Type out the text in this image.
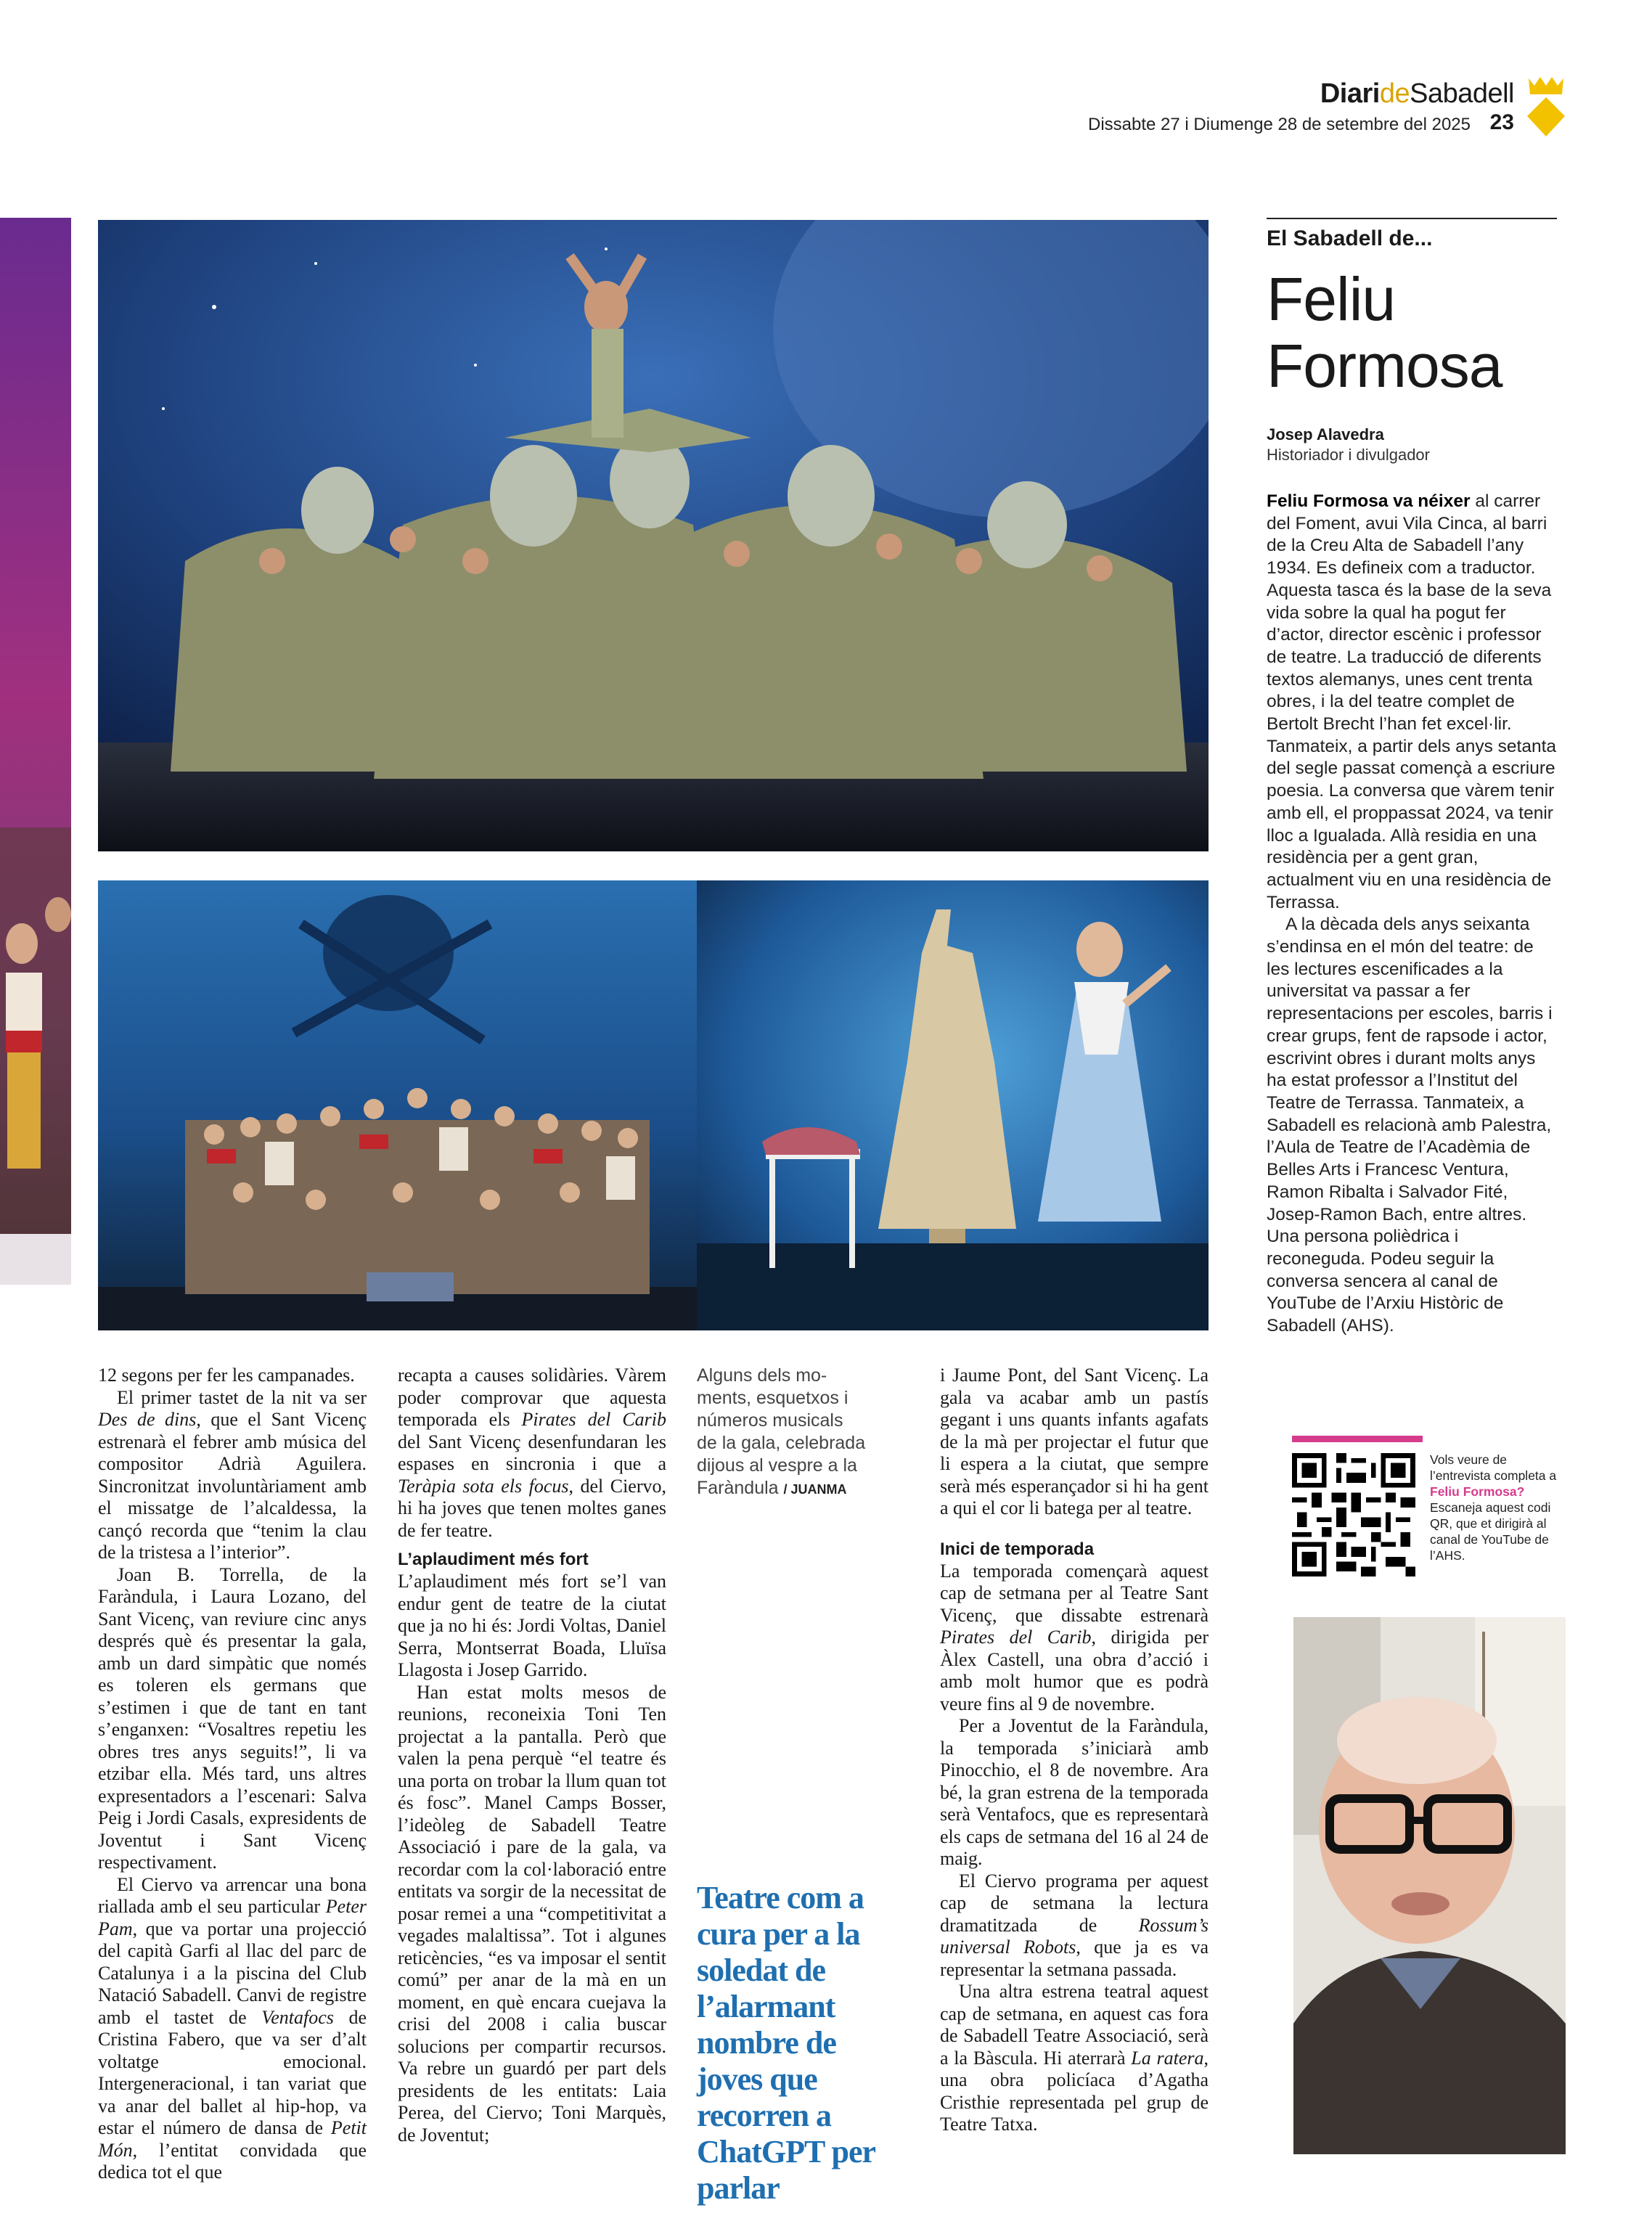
DiarideSabadell
Dissabte 27 i Diumenge 28 de setembre del 2025 23

12 segons per fer les campanades.

El primer tastet de la nit va ser Des de dins, que el Sant Vicenç estrenarà el febrer amb música del compositor Adrià Aguilera. Sincronitzat involuntàriament amb el missatge de l’alcaldessa, la cançó recorda que “tenim la clau de la tristesa a l’interior”.

Joan B. Torrella, de la Faràndula, i Laura Lozano, del Sant Vicenç, van reviure cinc anys després què és presentar la gala, amb un dard simpàtic que només es toleren els germans que s’estimen i que de tant en tant s’enganxen: “Vosaltres repetiu les obres tres anys seguits!”, li va etzibar ella. Més tard, uns altres expresentadors a l’escenari: Salva Peig i Jordi Casals, expresidents de Joventut i Sant Vicenç respectivament.

El Ciervo va arrencar una bona riallada amb el seu particular Peter Pam, que va portar una projecció del capità Garfi al llac del parc de Catalunya i a la piscina del Club Natació Sabadell. Canvi de registre amb el tastet de Ventafocs de Cristina Fabero, que va ser d’alt voltatge emocional. Intergeneracional, i tan variat que va anar del ballet al hip-hop, va estar el número de dansa de Petit Món, l’entitat convidada que dedica tot el que

recapta a causes solidàries. Vàrem poder comprovar que aquesta temporada els Pirates del Carib del Sant Vicenç desenfundaran les espases en sincronia i que a Teràpia sota els focus, del Ciervo, hi ha joves que tenen moltes ganes de fer teatre.

L’aplaudiment més fort

L’aplaudiment més fort se’l van endur gent de teatre de la ciutat que ja no hi és: Jordi Voltas, Daniel Serra, Montserrat Boada, Lluïsa Llagosta i Josep Garrido.

Han estat molts mesos de reunions, reconeixia Toni Ten projectat a la pantalla. Però que valen la pena perquè “el teatre és una porta on trobar la llum quan tot és fosc”. Manel Camps Bosser, l’ideòleg de Sabadell Teatre Associació i pare de la gala, va recordar com la col·laboració entre entitats va sorgir de la necessitat de posar remei a una “competitivitat a vegades malaltissa”. Tot i algunes reticències, “es va imposar el sentit comú” per anar de la mà en un moment, en què encara cuejava la crisi del 2008 i calia buscar solucions per compartir recursos. Va rebre un guardó per part dels presidents de les entitats: Laia Perea, del Ciervo; Toni Marquès, de Joventut;

Alguns dels mo-
ments, esquetxos i
números musicals
de la gala, celebrada
dijous al vespre a la
Faràndula / JUANMA
Teatre com a cura per a la soledat de l’alarmant nombre de joves que recorren a ChatGPT per parlar

i Jaume Pont, del Sant Vicenç. La gala va acabar amb un pastís gegant i uns quants infants agafats de la mà per projectar el futur que li espera a la ciutat, que sempre serà més esperançador si hi ha gent a qui el cor li batega per al teatre.

Inici de temporada

La temporada començarà aquest cap de setmana per al Teatre Sant Vicenç, que dissabte estrenarà Pirates del Carib, dirigida per Àlex Castell, una obra d’acció i amb molt humor que es podrà veure fins al 9 de novembre.

Per a Joventut de la Faràndula, la temporada s’iniciarà amb Pinocchio, el 8 de novembre. Ara bé, la gran estrena de la temporada serà Ventafocs, que es representarà els caps de setmana del 16 al 24 de maig.

El Ciervo programa per aquest cap de setmana la lectura dramatitzada de Rossum’s universal Robots, que ja es va representar la setmana passada.

Una altra estrena teatral aquest cap de setmana, en aquest cas fora de Sabadell Teatre Associació, serà a la Bàscula. Hi aterrarà La ratera, una obra policíaca d’Agatha Cristhie representada pel grup de Teatre Tatxa.

El Sabadell de...
Feliu
Formosa
Josep Alavedra
Historiador i divulgador

Feliu Formosa va néixer al carrer del Foment, avui Vila Cinca, al barri de la Creu Alta de Sabadell l’any 1934. Es defineix com a traductor. Aquesta tasca és la base de la seva vida sobre la qual ha pogut fer d’actor, director escènic i professor de teatre. La traducció de diferents textos alemanys, unes cent trenta obres, i la del teatre complet de Bertolt Brecht l’han fet excel·lir. Tanmateix, a partir dels anys setanta del segle passat començà a escriure poesia. La conversa que vàrem tenir amb ell, el proppassat 2024, va tenir lloc a Igualada. Allà residia en una residència per a gent gran, actualment viu en una residència de Terrassa.

A la dècada dels anys seixanta s’endinsa en el món del teatre: de les lectures escenificades a la universitat va passar a fer representacions per escoles, barris i crear grups, fent de rapsode i actor, escrivint obres i durant molts anys ha estat professor a l’Institut del Teatre de Terrassa. Tanmateix, a Sabadell es relacionà amb Palestra, l’Aula de Teatre de l’Acadèmia de Belles Arts i Francesc Ventura, Ramon Ribalta i Salvador Fité, Josep-Ramon Bach, entre altres. Una persona polièdrica i reconeguda. Podeu seguir la conversa sencera al canal de YouTube de l’Arxiu Històric de Sabadell (AHS).

Vols veure de l’entrevista completa a Feliu Formosa? Escaneja aquest codi QR, que et dirigirà al canal de YouTube de l’AHS.
